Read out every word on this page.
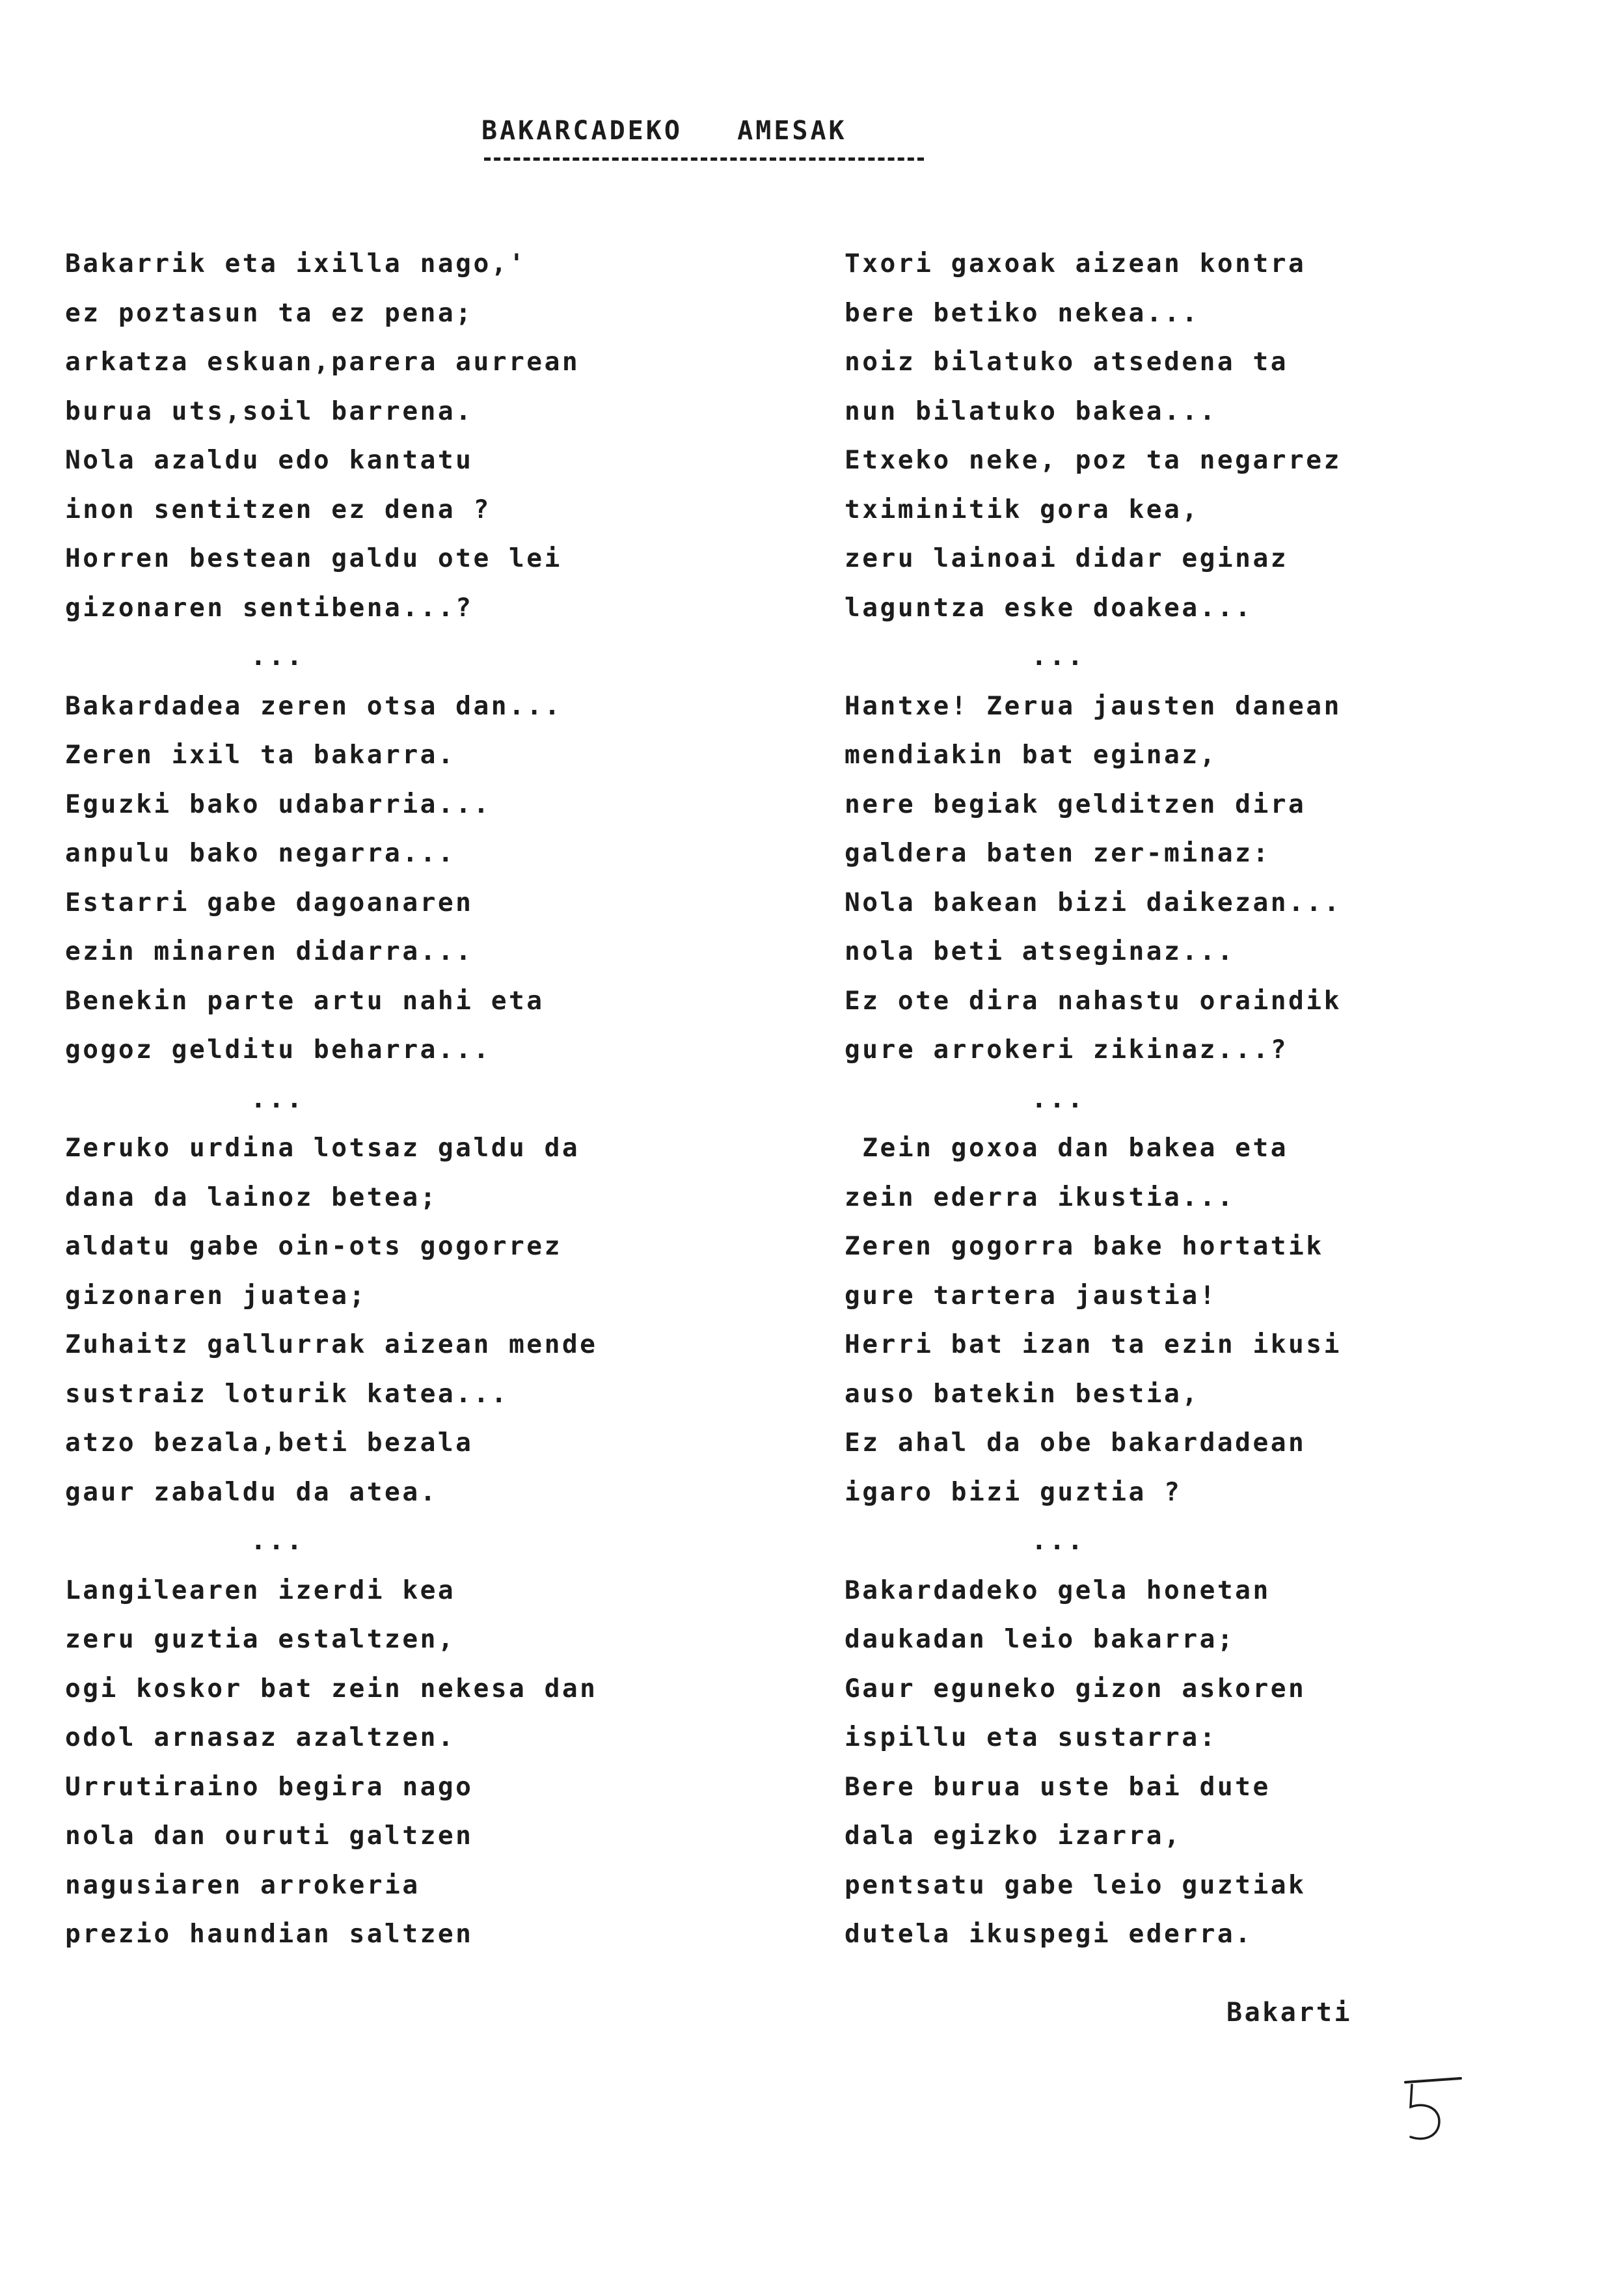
BAKARCADEKO   AMESAK
Bakarrik eta ixilla nago,'
ez poztasun ta ez pena;
arkatza eskuan,parera aurrean
burua uts,soil barrena.
Nola azaldu edo kantatu
inon sentitzen ez dena ?
Horren bestean galdu ote lei
gizonaren sentibena...?
...
Bakardadea zeren otsa dan...
Zeren ixil ta bakarra.
Eguzki bako udabarria...
anpulu bako negarra...
Estarri gabe dagoanaren
ezin minaren didarra...
Benekin parte artu nahi eta
gogoz gelditu beharra...
...
Zeruko urdina lotsaz galdu da
dana da lainoz betea;
aldatu gabe oin-ots gogorrez
gizonaren juatea;
Zuhaitz gallurrak aizean mende
sustraiz loturik katea...
atzo bezala,beti bezala
gaur zabaldu da atea.
...
Langilearen izerdi kea
zeru guztia estaltzen,
ogi koskor bat zein nekesa dan
odol arnasaz azaltzen.
Urrutiraino begira nago
nola dan ouruti galtzen
nagusiaren arrokeria
prezio haundian saltzen
Txori gaxoak aizean kontra
bere betiko nekea...
noiz bilatuko atsedena ta
nun bilatuko bakea...
Etxeko neke, poz ta negarrez
tximinitik gora kea,
zeru lainoai didar eginaz
laguntza eske doakea...
...
Hantxe! Zerua jausten danean
mendiakin bat eginaz,
nere begiak gelditzen dira
galdera baten zer-minaz:
Nola bakean bizi daikezan...
nola beti atseginaz...
Ez ote dira nahastu oraindik
gure arrokeri zikinaz...?
...
Zein goxoa dan bakea eta
zein ederra ikustia...
Zeren gogorra bake hortatik
gure tartera jaustia!
Herri bat izan ta ezin ikusi
auso batekin bestia,
Ez ahal da obe bakardadean
igaro bizi guztia ?
...
Bakardadeko gela honetan
daukadan leio bakarra;
Gaur eguneko gizon askoren
ispillu eta sustarra:
Bere burua uste bai dute
dala egizko izarra,
pentsatu gabe leio guztiak
dutela ikuspegi ederra.
Bakarti
